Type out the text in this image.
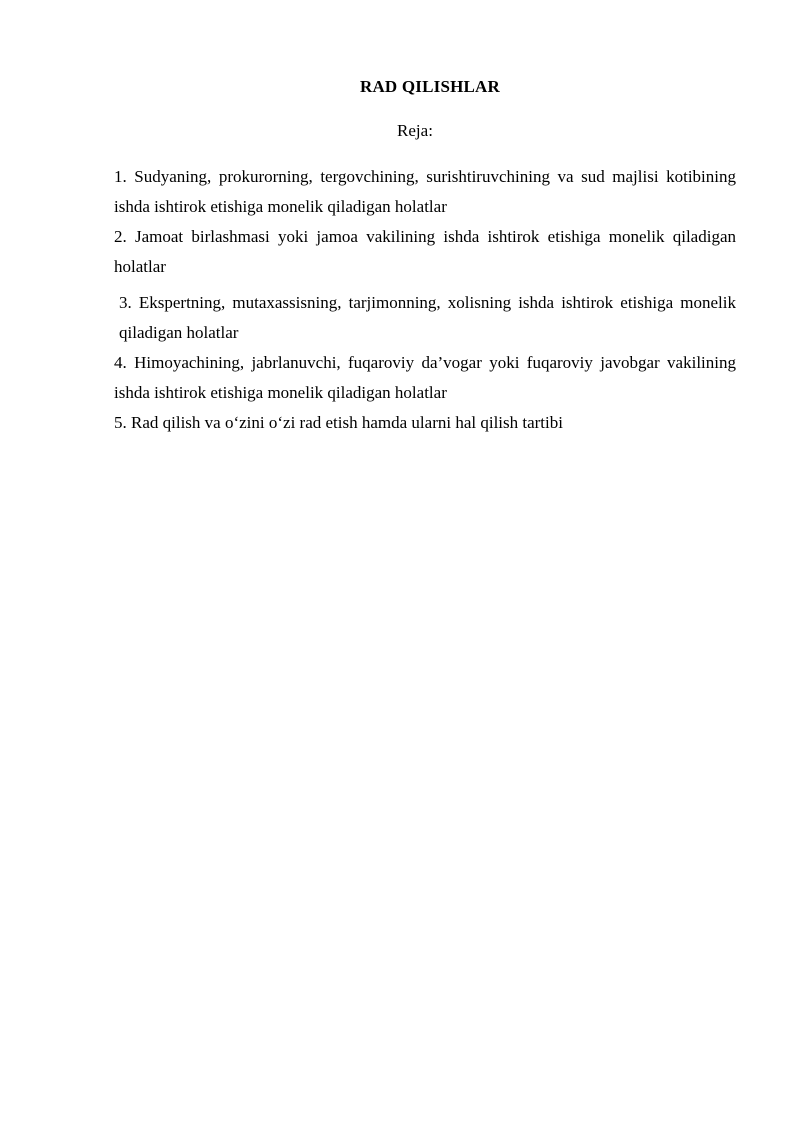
RAD QILISHLAR
Reja:
1. Sudyaning, prokurorning, tergovchining, surishtiruvchining va sud majlisi kotibining ishda ishtirok etishiga monelik qiladigan holatlar
2. Jamoat birlashmasi yoki jamoa vakilining ishda ishtirok etishiga monelik qiladigan holatlar
3. Ekspertning, mutaxassisning, tarjimonning, xolisning ishda ishtirok etishiga monelik qiladigan holatlar
4. Himoyachining, jabrlanuvchi, fuqaroviy da’vogar yoki fuqaroviy javobgar vakilining ishda ishtirok etishiga monelik qiladigan holatlar
5. Rad qilish va o‘zini o‘zi rad etish hamda ularni hal qilish tartibi
